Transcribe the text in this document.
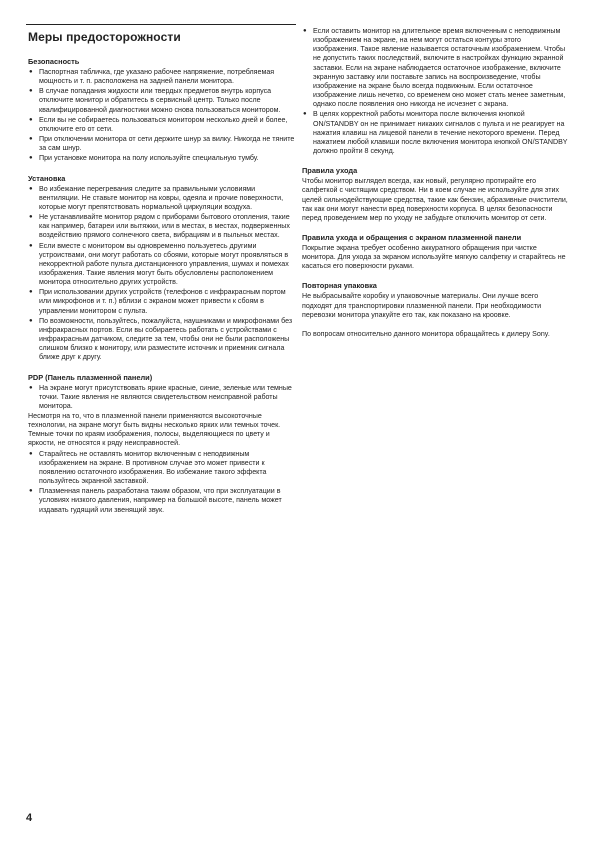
Меры предосторожности
Безопасность
● Паспортная табличка, где указано рабочее напряжение, потребляемая мощность и т. п. расположена на задней панели монитора.
● В случае попадания жидкости или твердых предметов внутрь корпуса отключите монитор и обратитесь в сервисный центр. Только после квалифицированной диагностики можно снова пользоваться монитором.
● Если вы не собираетесь пользоваться монитором несколько дней и более, отключите его от сети.
● При отключении монитора от сети держите шнур за вилку. Никогда не тяните за сам шнур.
● При установке монитора на полу используйте специальную тумбу.
Установка
● Во избежание перегревания следите за правильными условиями вентиляции. Не ставьте монитор на ковры, одеяла и прочие поверхности, которые могут препятствовать нормальной циркуляции воздуха.
● Не устанавливайте монитор рядом с приборами бытового отопления, такие как например, батареи или вытяжки, или в местах, в местах, подверженных воздействию прямого солнечного света, вибрациям и в пыльных местах.
● Если вместе с монитором вы одновременно пользуетесь другими устроиствами, они могут работать со сбоями, которые могут проявляться в некорректной работе пульта дистанционного управления, шумах и помехах изображения. Такие явления могут быть обусловлены расположением монитора относительно других устройств.
● При использовании других устройств (телефонов с инфракрасным портом или микрофонов и т. п.) вблизи с экраном может привести к сбоям в управлении монитором с пульта.
● По возможности, пользуйтесь, пожалуйста, наушниками и микрофонами без инфракрасных портов. Если вы собираетесь работать с устройствами с инфракрасным датчиком, следите за тем, чтобы они не были расположены слишком близко к монитору, или разместите источник и приемник сигнала ближе друг к другу.
PDP (Панель плазменной панели)
● На экране могут присутствовать яркие красные, синие, зеленые или темные точки. Такие явления не являются свидетельством неисправной работы монитора.

Несмотря на то, что в плазменной панели применяются высокоточные технологии, на экране могут быть видны несколько ярких или темных точек. Темные точки по краям изображения, полосы, выделяющиеся по цвету и яркости, не относятся к ряду неисправностей.

● Старайтесь не оставлять монитор включенным с неподвижным изображением на экране. В противном случае это может привести к появлению остаточного изображения. Во избежание такого эффекта пользуйтесь экранной заставкой.
● Плазменная панель разработана таким образом, что при эксплуатации в условиях низкого давления, например на большой высоте, панель может издавать гудящий или звенящий звук.
● Если оставить монитор на длительное время включенным с неподвижным изображением на экране, на нем могут остаться контуры этого изображения. Такое явление называется остаточным изображением. Чтобы не допустить таких последствий, включите в настройках функцию экранной заставки. Если на экране наблюдается остаточное изображение, включите экранную заставку или поставьте запись на воспроизведение, чтобы изображение на экране было всегда подвижным. Если остаточное изображение лишь нечетко, со временем оно может стать менее заметным, однако после появления оно никогда не исчезнет с экрана.
● В целях корректной работы монитора после включения кнопкой ON/STANDBY он не принимает никаких сигналов с пульта и не реагирует на нажатия клавиш на лицевой панели в течение некоторого времени. Перед нажатием любой клавиши после включения монитора кнопкой ON/STANDBY должно пройти 8 секунд.
Правила ухода

Чтобы монитор выглядел всегда, как новый, регулярно протирайте его салфеткой с чистящим средством. Ни в коем случае не используйте для этих целей сильнодействующие средства, такие как бензин, абразивные очистители, так как они могут нанести вред поверхности корпуса. В целях безопасности перед проведением мер по уходу не забудьте отключить монитор от сети.

Правила ухода и обращения с экраном плазменной панели

Покрытие экрана требует особенно аккуратного обращения при чистке монитора. Для ухода за экраном используйте мягкую салфетку и старайтесь не касаться его поверхности руками.

Повторная упаковка

Не выбрасывайте коробку и упаковочные материалы. Они лучше всего подходят для транспортировки плазменной панели. При необходимости перевозки монитора упакуйте его так, как показано на кроовке.

По вопросам относительно данного монитора обращайтесь к дилеру Sony.

4
